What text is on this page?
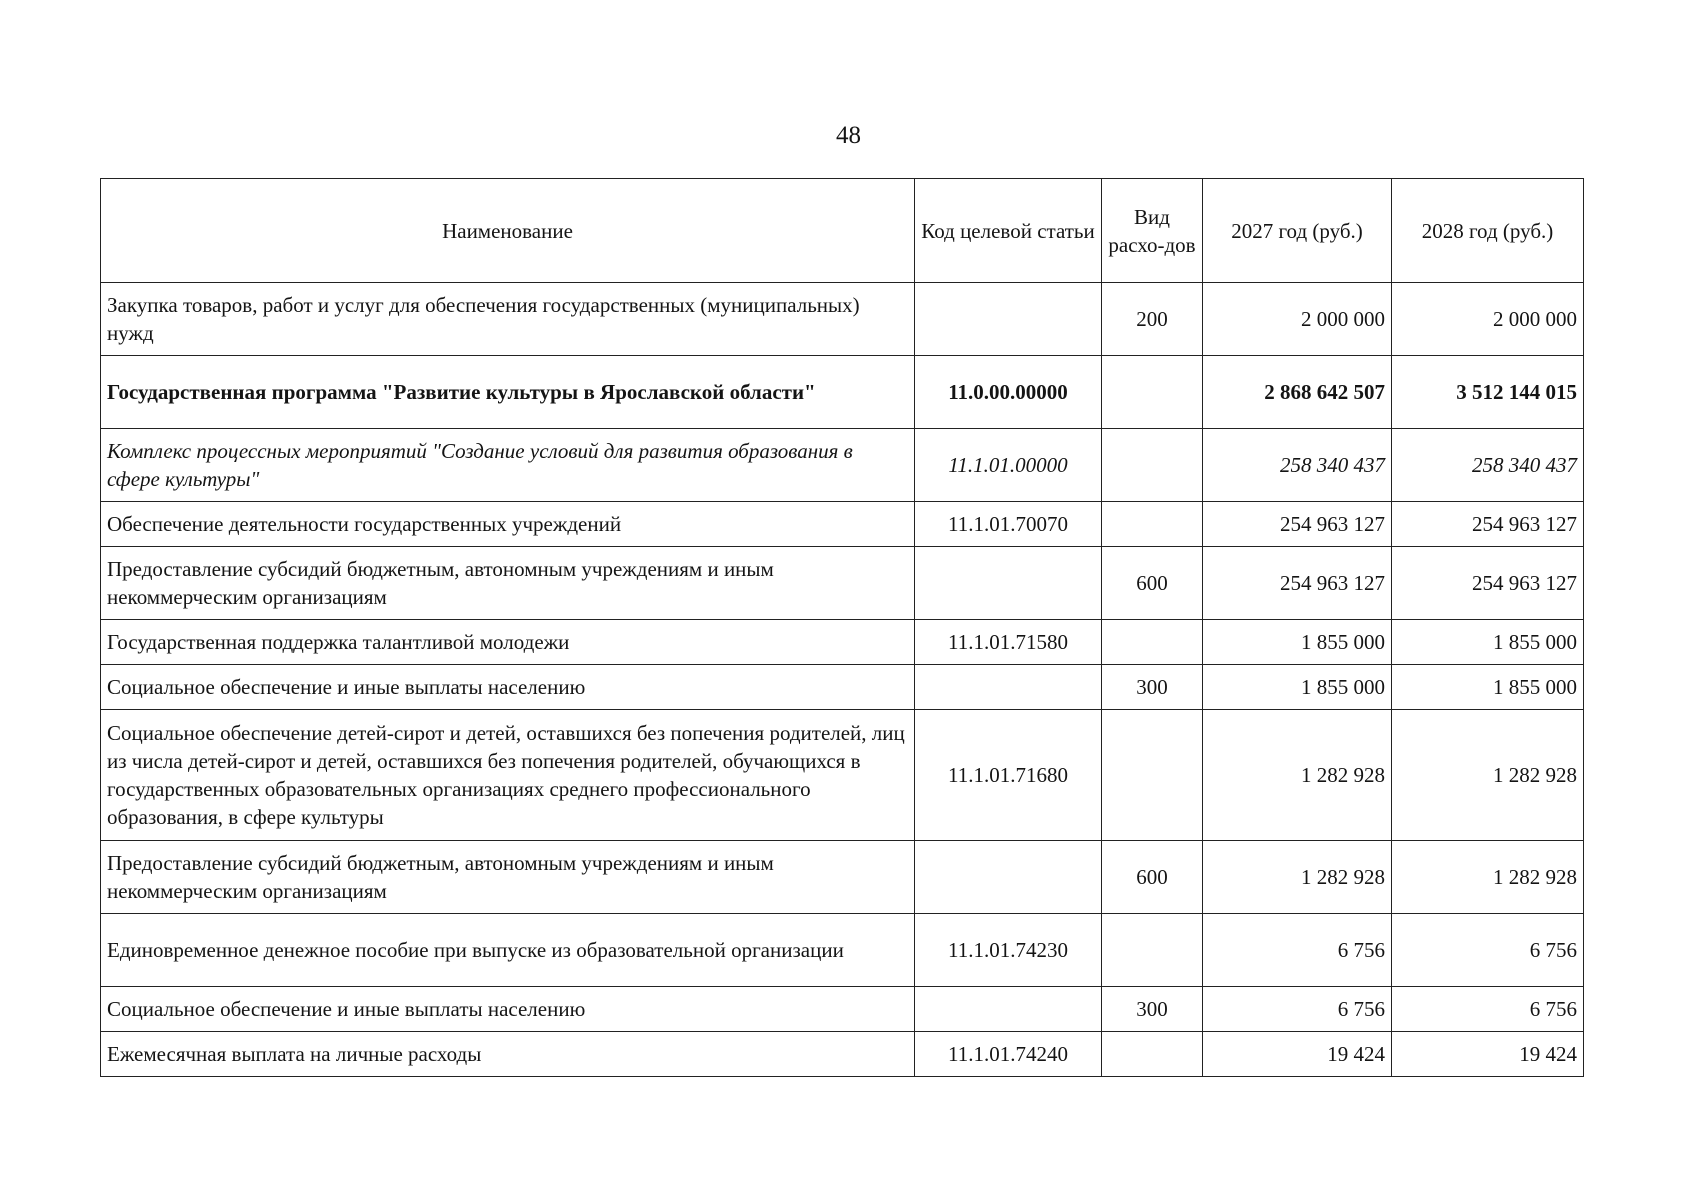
48
Наименование	Код целевой статьи	Вид расхо-дов	2027 год (руб.)	2028 год (руб.)
Закупка товаров, работ и услуг для обеспечения государственных (муниципальных) нужд		200	2 000 000	2 000 000
Государственная программа "Развитие культуры в Ярославской области"	11.0.00.00000		2 868 642 507	3 512 144 015
Комплекс процессных мероприятий "Создание условий для развития образования в сфере культуры"	11.1.01.00000		258 340 437	258 340 437
Обеспечение деятельности государственных учреждений	11.1.01.70070		254 963 127	254 963 127
Предоставление субсидий бюджетным, автономным учреждениям и иным некоммерческим организациям		600	254 963 127	254 963 127
Государственная поддержка талантливой молодежи	11.1.01.71580		1 855 000	1 855 000
Социальное обеспечение и иные выплаты населению		300	1 855 000	1 855 000
Социальное обеспечение детей-сирот и детей, оставшихся без попечения родителей, лиц из числа детей-сирот и детей, оставшихся без попечения родителей, обучающихся в государственных образовательных организациях среднего профессионального образования, в сфере культуры	11.1.01.71680		1 282 928	1 282 928
Предоставление субсидий бюджетным, автономным учреждениям и иным некоммерческим организациям		600	1 282 928	1 282 928
Единовременное денежное пособие при выпуске из образовательной организации	11.1.01.74230		6 756	6 756
Социальное обеспечение и иные выплаты населению		300	6 756	6 756
Ежемесячная выплата на личные расходы	11.1.01.74240		19 424	19 424
